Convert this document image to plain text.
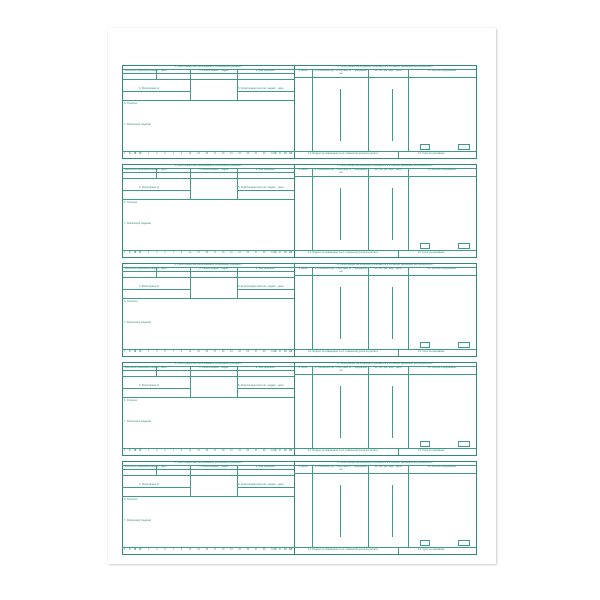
1. Регистрация на подписваемия (изходящия) документ
1. Нов регистрационен индекс - дата	2. Кореспондент - адрес	3. Вид документ
4. Резолирано от	5. Кореспондентски рег. индекс - дата
6. Относно
7. Резолюция (задача)
I II III IV	1	3	5	7	9	11 13 15 17 19 21 23 25 27 29 31 IX X XI XII
8. Регистрация на входящите документи в отговора. Движение на документите
9. Дата	9. Изпратено до - Получено от - Предадено на
10. Рег. рег. инд. - дата	11. Кратко съдържание
12. Индекс за извеждане съгл. номенклатурата на делата	13. Срок за запазване
1. Регистрация на подписваемия (изходящия) документ
1. Нов регистрационен индекс - дата	2. Кореспондент - адрес	3. Вид документ
4. Резолирано от	5. Кореспондентски рег. индекс - дата
6. Относно
7. Резолюция (задача)
I II III IV	1	3	5	7	9	11 13 15 17 19 21 23 25 27 29 31 IX X XI XII
8. Регистрация на входящите документи в отговора. Движение на документите
9. Дата	9. Изпратено до - Получено от - Предадено на
10. Рег. рег. инд. - дата	11. Кратко съдържание
12. Индекс за извеждане съгл. номенклатурата на делата	13. Срок за запазване
1. Регистрация на подписваемия (изходящия) документ
1. Нов регистрационен индекс - дата	2. Кореспондент - адрес	3. Вид документ
4. Резолирано от	5. Кореспондентски рег. индекс - дата
6. Относно
7. Резолюция (задача)
I II III IV	1	3	5	7	9	11 13 15 17 19 21 23 25 27 29 31 IX X XI XII
8. Регистрация на входящите документи в отговора. Движение на документите
9. Дата	9. Изпратено до - Получено от - Предадено на
10. Рег. рег. инд. - дата	11. Кратко съдържание
12. Индекс за извеждане съгл. номенклатурата на делата	13. Срок за запазване
1. Регистрация на подписваемия (изходящия) документ
1. Нов регистрационен индекс - дата	2. Кореспондент - адрес	3. Вид документ
4. Резолирано от	5. Кореспондентски рег. индекс - дата
6. Относно
7. Резолюция (задача)
I II III IV	1	3	5	7	9	11 13 15 17 19 21 23 25 27 29 31 IX X XI XII
8. Регистрация на входящите документи в отговора. Движение на документите
9. Дата	9. Изпратено до - Получено от - Предадено на
10. Рег. рег. инд. - дата	11. Кратко съдържание
12. Индекс за извеждане съгл. номенклатурата на делата	13. Срок за запазване
1. Регистрация на подписваемия (изходящия) документ
1. Нов регистрационен индекс - дата	2. Кореспондент - адрес	3. Вид документ
4. Резолирано от	5. Кореспондентски рег. индекс - дата
6. Относно
7. Резолюция (задача)
I II III IV	1	3	5	7	9	11 13 15 17 19 21 23 25 27 29 31 IX X XI XII
8. Регистрация на входящите документи в отговора. Движение на документите
9. Дата	9. Изпратено до - Получено от - Предадено на
10. Рег. рег. инд. - дата	11. Кратко съдържание
12. Индекс за извеждане съгл. номенклатурата на делата	13. Срок за запазване
